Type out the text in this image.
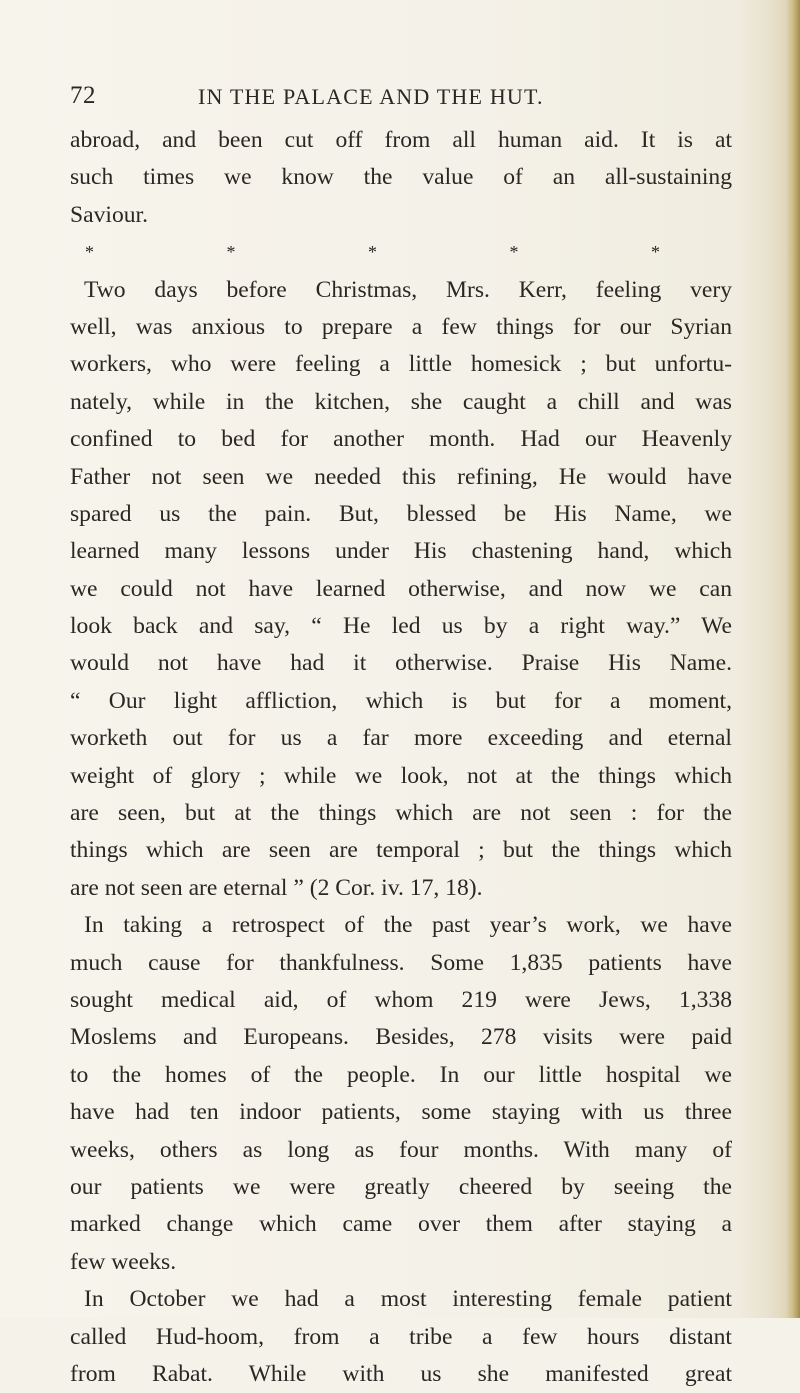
72	IN THE PALACE AND THE HUT.
abroad, and been cut off from all human aid. It is at
such times we know the value of an all-sustaining
Saviour.
*	*	*	*	*
Two days before Christmas, Mrs. Kerr, feeling very
well, was anxious to prepare a few things for our Syrian
workers, who were feeling a little homesick ; but unfortu-
nately, while in the kitchen, she caught a chill and was
confined to bed for another month. Had our Heavenly
Father not seen we needed this refining, He would have
spared us the pain. But, blessed be His Name, we
learned many lessons under His chastening hand, which
we could not have learned otherwise, and now we can
look back and say, “ He led us by a right way.” We
would not have had it otherwise. Praise His Name.
“ Our light affliction, which is but for a moment,
worketh out for us a far more exceeding and eternal
weight of glory ; while we look, not at the things which
are seen, but at the things which are not seen : for the
things which are seen are temporal ; but the things which
are not seen are eternal ” (2 Cor. iv. 17, 18).
In taking a retrospect of the past year’s work, we have
much cause for thankfulness. Some 1,835 patients have
sought medical aid, of whom 219 were Jews, 1,338
Moslems and Europeans. Besides, 278 visits were paid
to the homes of the people. In our little hospital we
have had ten indoor patients, some staying with us three
weeks, others as long as four months. With many of
our patients we were greatly cheered by seeing the
marked change which came over them after staying a
few weeks.
In October we had a most interesting female patient
called Hud-hoom, from a tribe a few hours distant
from Rabat. While with us she manifested great
